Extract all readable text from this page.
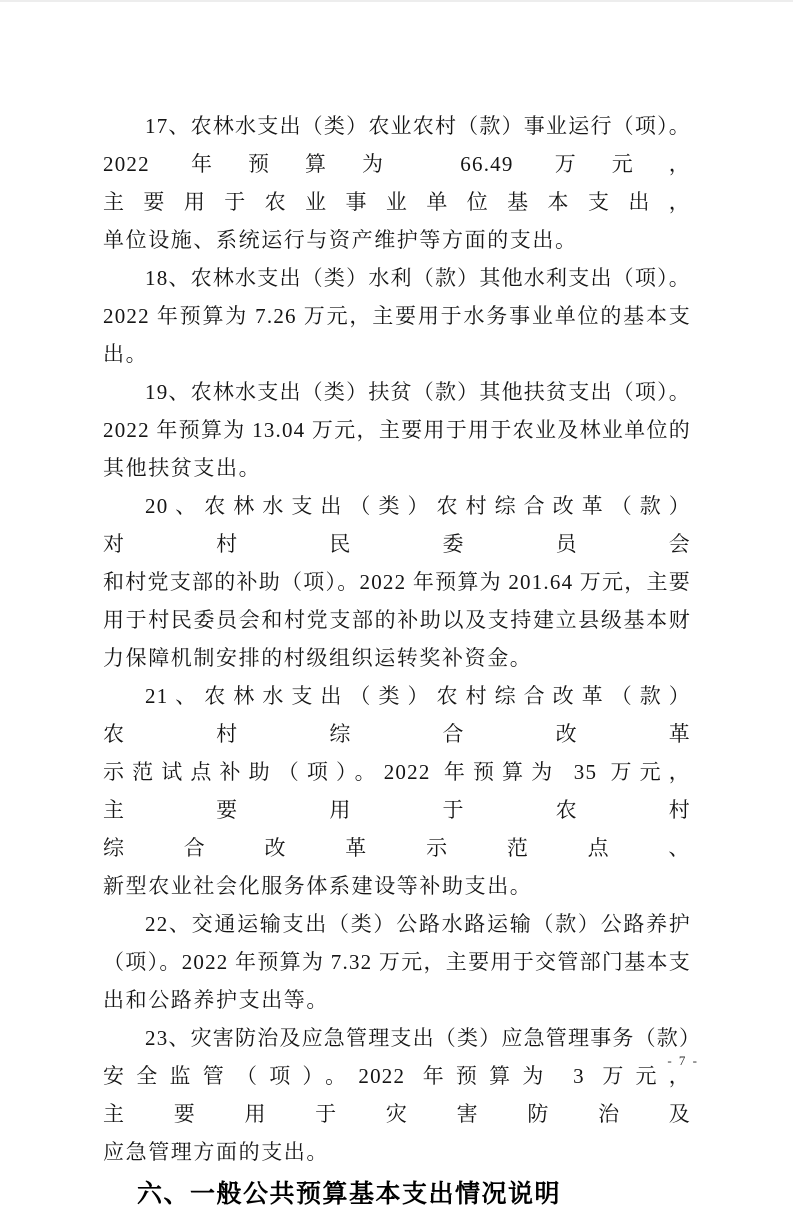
17、农林水支出（类）农业农村（款）事业运行（项）。
2022 年预算为 66.49 万元，主要用于农业事业单位基本支出，
单位设施、系统运行与资产维护等方面的支出。
18、农林水支出（类）水利（款）其他水利支出（项）。
2022 年预算为 7.26 万元，主要用于水务事业单位的基本支
出。
19、农林水支出（类）扶贫（款）其他扶贫支出（项）。
2022 年预算为 13.04 万元，主要用于用于农业及林业单位的
其他扶贫支出。
20、农林水支出（类）农村综合改革（款）对村民委员会
和村党支部的补助（项）。2022 年预算为 201.64 万元，主要
用于村民委员会和村党支部的补助以及支持建立县级基本财
力保障机制安排的村级组织运转奖补资金。
21、农林水支出（类）农村综合改革（款）农村综合改革
示范试点补助（项）。2022 年预算为 35 万元，主要用于农村
综合改革示范点、新型农业社会化服务体系建设等补助支出。
22、交通运输支出（类）公路水路运输（款）公路养护
（项）。2022 年预算为 7.32 万元，主要用于交管部门基本支
出和公路养护支出等。
23、灾害防治及应急管理支出（类）应急管理事务（款）
安全监管（项）。2022 年预算为 3 万元，主要用于灾害防治及
应急管理方面的支出。
六、一般公共预算基本支出情况说明
- 7 -
